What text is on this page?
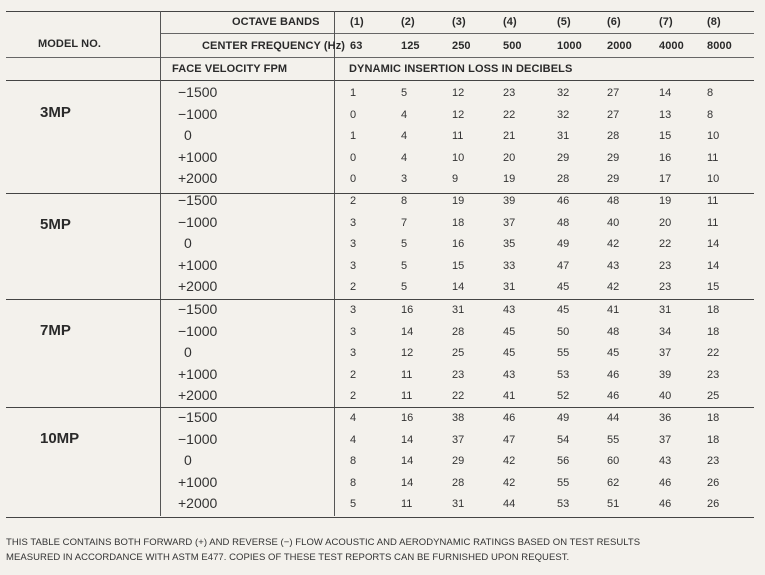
MODEL NO.
OCTAVE BANDS
CENTER FREQUENCY (Hz)
FACE VELOCITY FPM	DYNAMIC INSERTION LOSS IN DECIBELS
(1)	(2)	(3)	(4)	(5)	(6)	(7)	(8)
63	125	250	500	1000 2000 4000 8000
3MP
−1500	1	5	12	23	32	27	14	8
−1000	0	4	12	22	32	27	13	8
0	1	4	11	21	31	28	15	10
+1000	0	4	10	20	29	29	16	11
+2000	0	3	9	19	28	29	17	10
5MP
−1500	2	8	19	39	46	48	19	11
−1000	3	7	18	37	48	40	20	11
0	3	5	16	35	49	42	22	14
+1000	3	5	15	33	47	43	23	14
+2000	2	5	14	31	45	42	23	15
7MP
−1500	3	16	31	43	45	41	31	18
−1000	3	14	28	45	50	48	34	18
0	3	12	25	45	55	45	37	22
+1000	2	11	23	43	53	46	39	23
+2000	2	11	22	41	52	46	40	25
10MP
−1500	4	16	38	46	49	44	36	18
−1000	4	14	37	47	54	55	37	18
0	8	14	29	42	56	60	43	23
+1000	8	14	28	42	55	62	46	26
+2000	5	11	31	44	53	51	46	26
THIS TABLE CONTAINS BOTH FORWARD (+) AND REVERSE (−) FLOW ACOUSTIC AND AERODYNAMIC RATINGS BASED ON TEST RESULTS
MEASURED IN ACCORDANCE WITH ASTM E477. COPIES OF THESE TEST REPORTS CAN BE FURNISHED UPON REQUEST.
